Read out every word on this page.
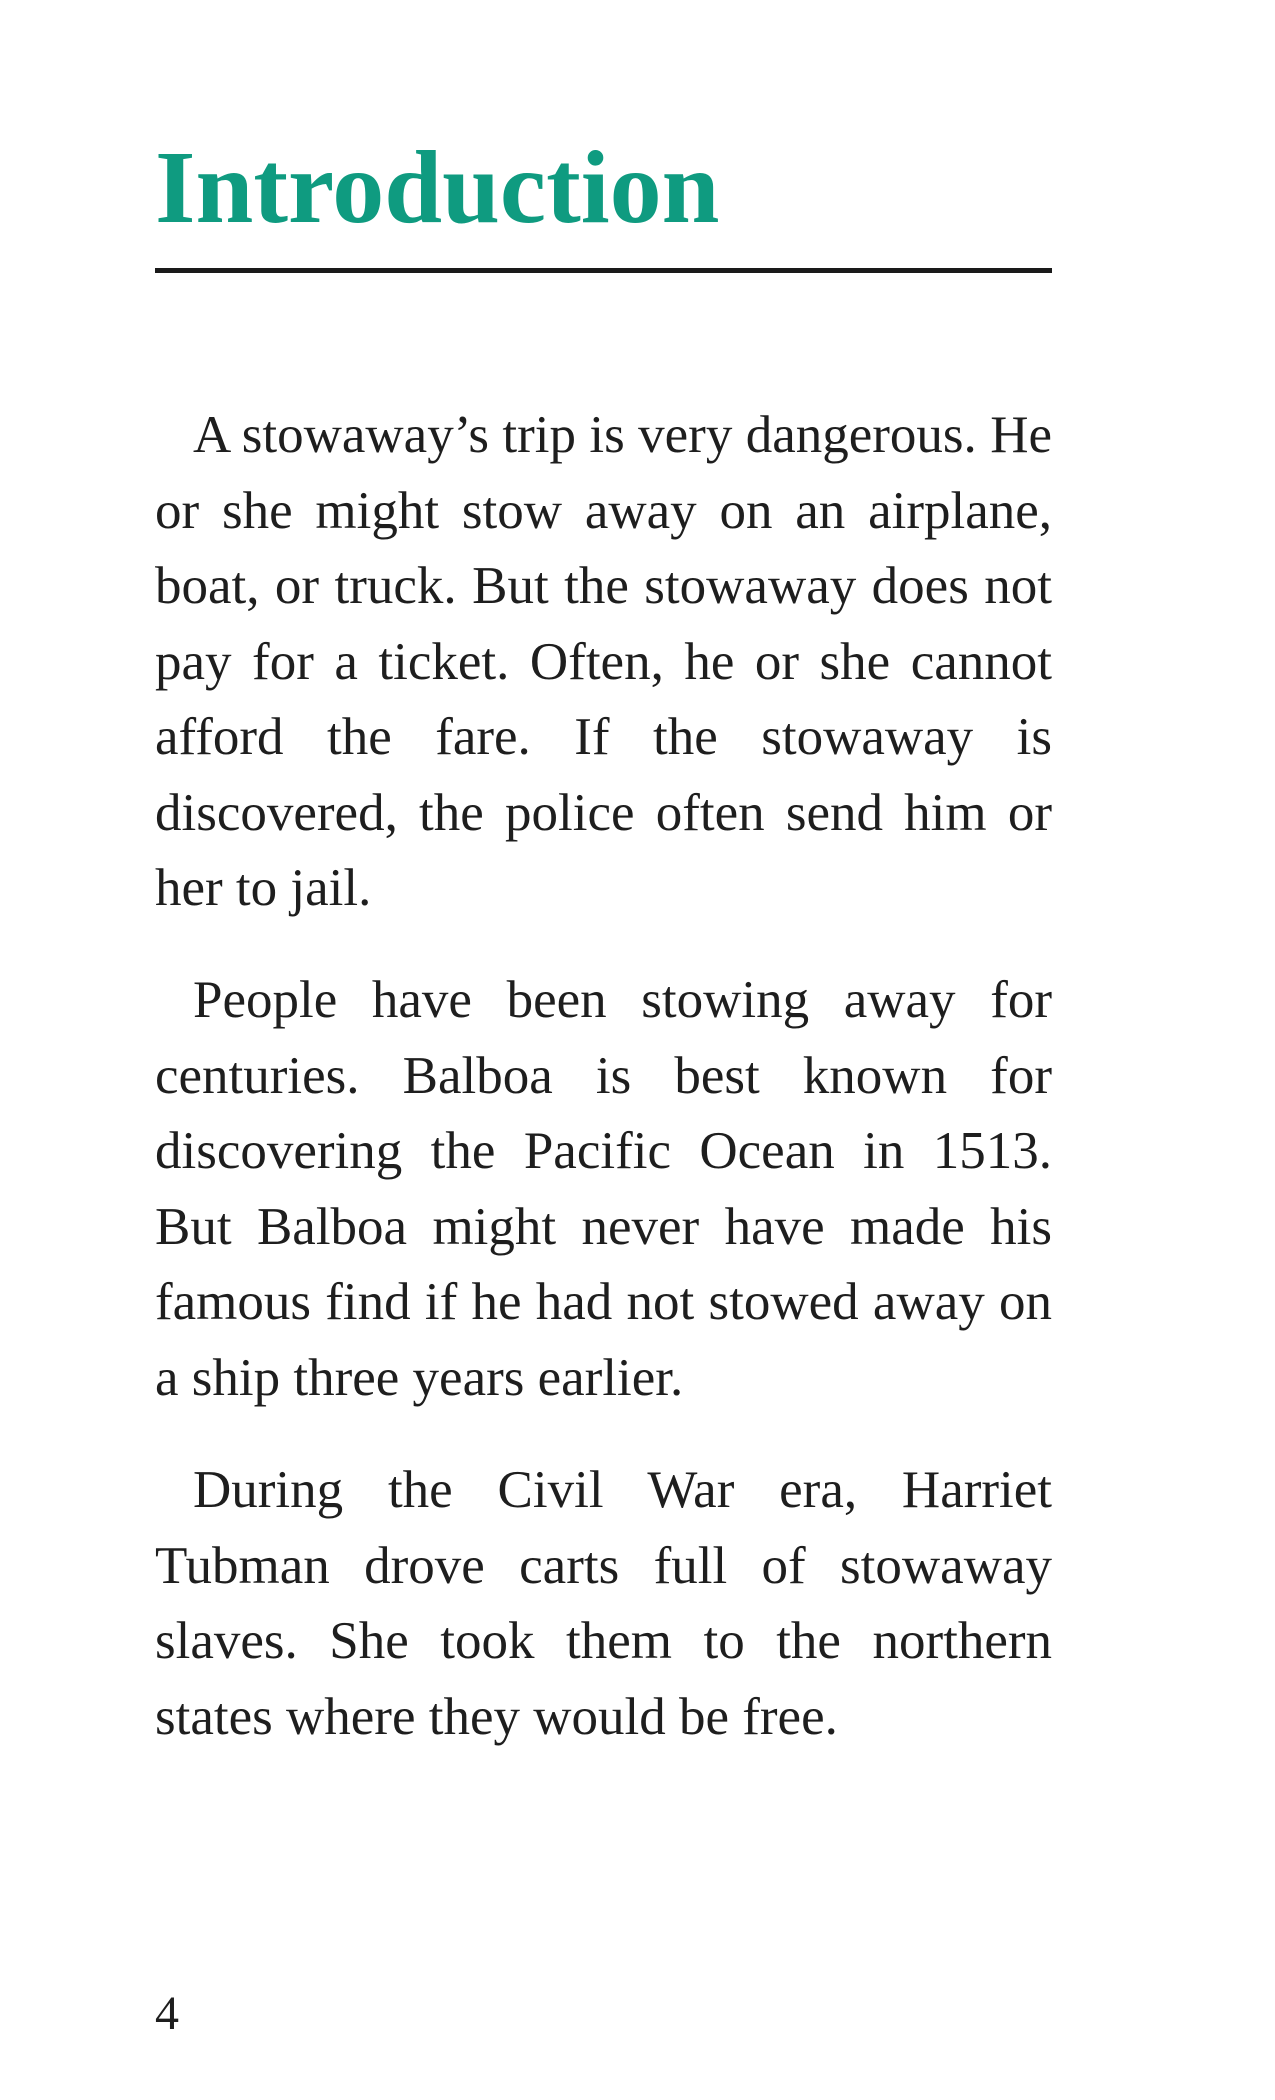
Introduction

A stowaway’s trip is very dangerous. He or she might stow away on an airplane, boat, or truck. But the stowaway does not pay for a ticket. Often, he or she cannot afford the fare. If the stowaway is discovered, the police often send him or her to jail.

People have been stowing away for centuries. Balboa is best known for discovering the Pacific Ocean in 1513. But Balboa might never have made his famous find if he had not stowed away on a ship three years earlier.

During the Civil War era, Harriet Tubman drove carts full of stowaway slaves. She took them to the northern states where they would be free.

4
